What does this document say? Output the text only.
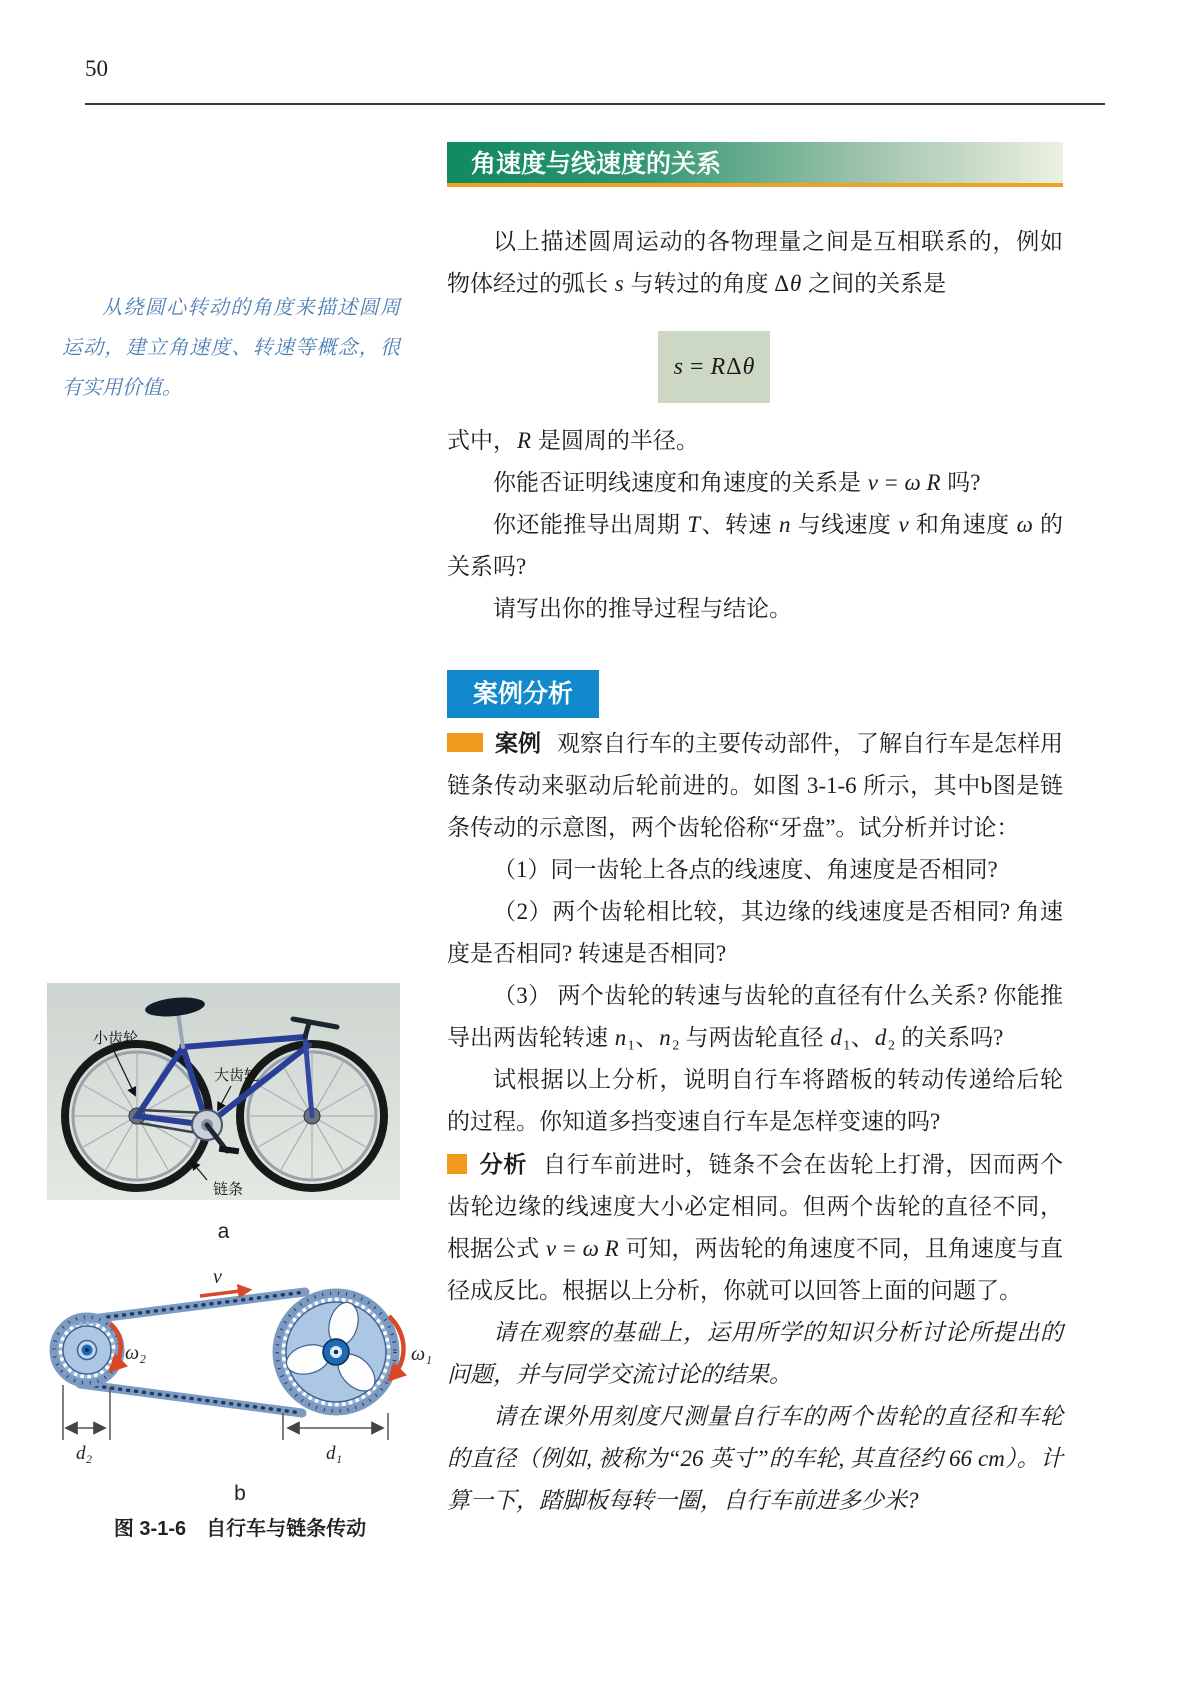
50
从绕圆心转动的角度来描述圆周运动，建立角速度、转速等概念，很有实用价值。
角速度与线速度的关系

以上描述圆周运动的各物理量之间是互相联系的，例如物体经过的弧长 s 与转过的角度 Δθ 之间的关系是

s = RΔθ

式中，R 是圆周的半径。

你能否证明线速度和角速度的关系是 v = ω R 吗?

你还能推导出周期 T、转速 n 与线速度 v 和角速度 ω 的关系吗?

请写出你的推导过程与结论。

案例分析

案例 观察自行车的主要传动部件，了解自行车是怎样用链条传动来驱动后轮前进的。如图 3-1-6 所示，其中b图是链条传动的示意图，两个齿轮俗称“牙盘”。试分析并讨论：

（1）同一齿轮上各点的线速度、角速度是否相同?

（2）两个齿轮相比较，其边缘的线速度是否相同? 角速度是否相同? 转速是否相同?

（3） 两个齿轮的转速与齿轮的直径有什么关系? 你能推导出两齿轮转速 n₁、n₂ 与两齿轮直径 d₁、d₂ 的关系吗?

试根据以上分析，说明自行车将踏板的转动传递给后轮的过程。你知道多挡变速自行车是怎样变速的吗?

分析 自行车前进时，链条不会在齿轮上打滑，因而两个齿轮边缘的线速度大小必定相同。但两个齿轮的直径不同，根据公式 v = ω R 可知，两齿轮的角速度不同，且角速度与直径成反比。根据以上分析，你就可以回答上面的问题了。

请在观察的基础上，运用所学的知识分析讨论所提出的问题，并与同学交流讨论的结果。

请在课外用刻度尺测量自行车的两个齿轮的直径和车轮的直径（例如, 被称为“26 英寸”的车轮, 其直径约 66 cm）。计算一下，踏脚板每转一圈，自行车前进多少米?

小齿轮
大齿轮
链条
a
v
ω₂	ω₁
d₂	d₁
b
图 3-1-6　自行车与链条传动
